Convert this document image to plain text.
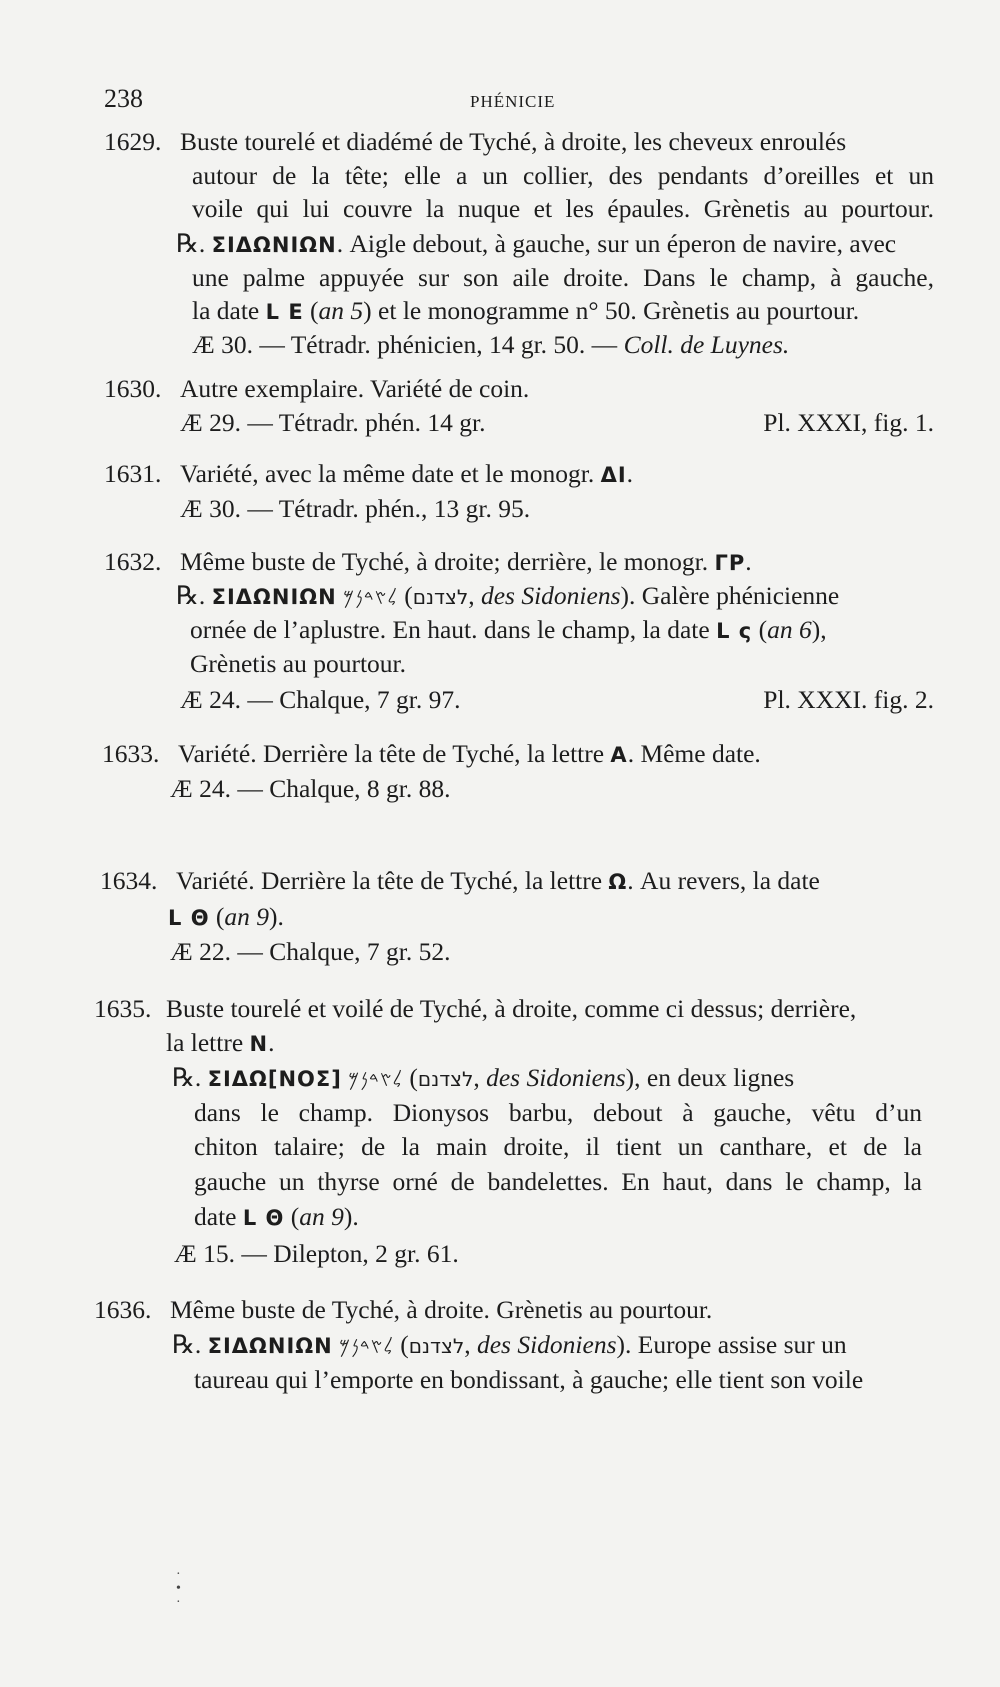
238	PHÉNICIE
1629. Buste tourelé et diadémé de Tyché, à droite, les cheveux enroulés
autour de la tête; elle a un collier, des pendants d’oreilles et un
voile qui lui couvre la nuque et les épaules. Grènetis au pourtour.
℞. ΣΙΔΩΝΙΩΝ. Aigle debout, à gauche, sur un éperon de navire, avec
une palme appuyée sur son aile droite. Dans le champ, à gauche,
la date L E (an 5) et le monogramme n° 50. Grènetis au pourtour.
Æ 30. — Tétradr. phénicien, 14 gr. 50. — Coll. de Luynes.
1630. Autre exemplaire. Variété de coin.
Æ 29. — Tétradr. phén. 14 gr.	Pl. XXXI, fig. 1.
1631. Variété, avec la même date et le monogr. ΔΙ.
Æ 30. — Tétradr. phén., 13 gr. 95.
1632. Même buste de Tyché, à droite; derrière, le monogr. ΓΡ.
℞. ΣΙΔΩΝΙΩΝ 𐤋𐤑𐤃𐤍𐤌 (לצדנם, des Sidoniens). Galère phénicienne
ornée de l’aplustre. En haut. dans le champ, la date L ς (an 6),
Grènetis au pourtour.
Æ 24. — Chalque, 7 gr. 97.	Pl. XXXI. fig. 2.
1633. Variété. Derrière la tête de Tyché, la lettre A. Même date.
Æ 24. — Chalque, 8 gr. 88.
1634. Variété. Derrière la tête de Tyché, la lettre Ω. Au revers, la date
L Θ (an 9).
Æ 22. — Chalque, 7 gr. 52.
1635. Buste tourelé et voilé de Tyché, à droite, comme ci dessus; derrière,
la lettre N.
℞. ΣΙΔΩ[ΝΟΣ] 𐤋𐤑𐤃𐤍𐤌 (לצדנם, des Sidoniens), en deux lignes
dans le champ. Dionysos barbu, debout à gauche, vêtu d’un
chiton talaire; de la main droite, il tient un canthare, et de la
gauche un thyrse orné de bandelettes. En haut, dans le champ, la
date L Θ (an 9).
Æ 15. — Dilepton, 2 gr. 61.
1636. Même buste de Tyché, à droite. Grènetis au pourtour.
℞. ΣΙΔΩΝΙΩΝ 𐤋𐤑𐤃𐤍𐤌 (לצדנם, des Sidoniens). Europe assise sur un
taureau qui l’emporte en bondissant, à gauche; elle tient son voile
·
•
·
